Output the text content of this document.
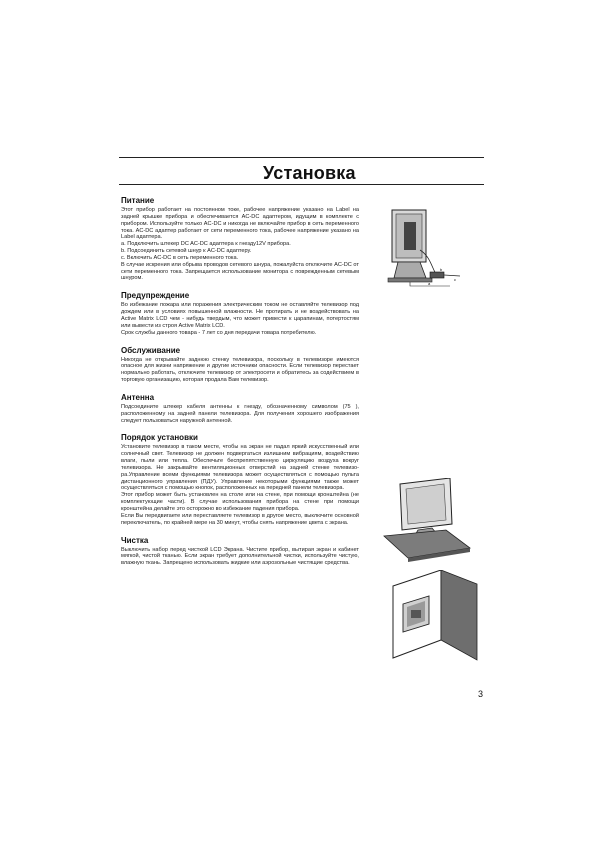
Установка
Питание

Этот прибор работает на постоянном токе, рабочее напряжение указано на Label на задней крышке прибора и обеспечивается AC-DC адаптером, идущим в комплекте с прибором. Используйте только AC-DC и никогда не включайте прибор в сеть переменного тока. AC-DC адаптер работает от сети переменного тока, рабочее напряжение указано на Label адаптера.
a. Подключить штекер DC AC-DC адаптера к гнезду12V прибора.
b. Подсоединить сетевой шнур к AC-DC адаптеру.
c. Включить AC-DC в сеть переменного тока.
В случае искрения или обрыва проводов сетевого шнура, пожалуйста отключите AC-DC от сети переменного тока. Запрещается использование монитора с поврежденным сетевым шнуром.

Предупреждение

Во избежание пожара или поражения электрическим током не оставляйте телевизор под дождем или в условиях повышенной влажности. Не протирать и не воздействовать на Active Matrix LCD чем - нибудь твердым, что может привести к царапинам, потертостям или вывести из строя Active Matrix LCD.
Срок службы данного товара - 7 лет со дня передачи товара потребителю.

Обслуживание

Никогда не открывайте заднюю стенку телевизора, поскольку в телевизоре имеются опасное для жизни напряжение и другие источники опасности. Если телевизор перестает нормально работать, отключите телевизор от электросети и обратитесь за содействием в торговую организацию, которая продала Вам телевизор.

Антенна

Подсоедините штекер кабеля антенны к гнезду, обозначенному символом (75 ), расположенному на задней панели телевизора. Для получения хорошего изображения следует пользоваться наружной антенной.

Порядок установки

Установите телевизор в таком месте, чтобы на экран не падал яркий искусственный или солнечный свет. Телевизор не должен подвергаться излишним вибрациям, воздействию влаги, пыли или тепла. Обеспечьте беспрепятственную циркуляцию воздуха вокруг телевизора. Не закрывайте вентиляционных отверстий на задней стенке телевизо-ра.Управление всеми функциями телевизора может осуществляться с помощью пульта дистанционного управления (ПДУ). Управление некоторыми функциями также может осуществляться с помощью кнопок, расположенных на передней панели телевизора.
Этот прибор может быть установлен на столе или на стене, при помощи кронштейна (не комплектующие части). В случае использования прибора на стене при помощи кронштейна делайте это осторожно во избежание падения прибора.
Если Вы передвигаете или переставляете телевизор в другое место, выключите основной переключатель, по крайней мере на 30 минут, чтобы снять напряжение цвета с экрана.

Чистка

Выключить набор перед чисткой LCD Экрана. Чистите прибор, вытирая экран и кабинет мягкой, чистой тканью. Если экран требует дополнительной чистки, используйте чистую, влажную ткань. Запрещено использовать жидкие или аэрозольные чистящие средства.

a
b
c
3
